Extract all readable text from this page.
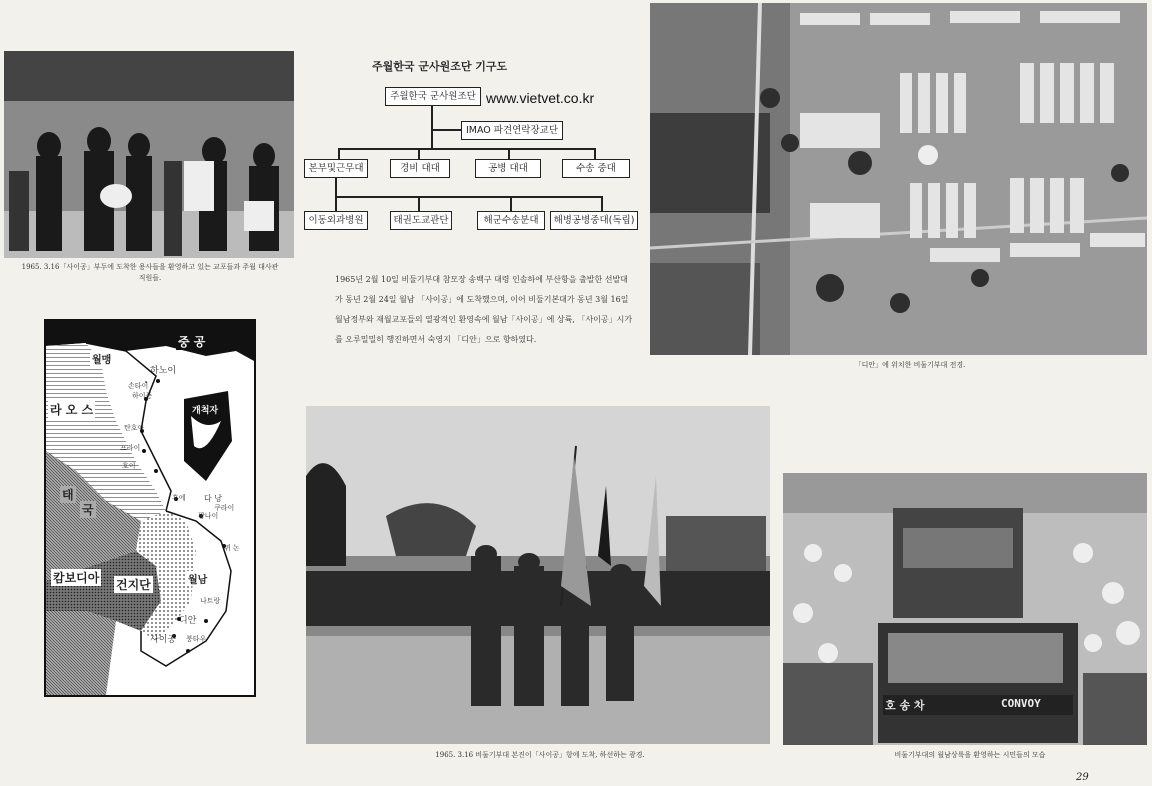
1965. 3.16「사이공」부두에 도착한 용사들을 환영하고 있는 교포들과 주월 대사관 직원들.
주월한국 군사원조단 기구도
주월한국 군사원조단 www.vietvet.co.kr
IMAO 파견연락장교단
본부및근무대	경비 대대	공병 대대	수송 중대
이동외과병원	태권도교관단	해군수송분대	해병공병중대(독립)
1965년 2월 10일 비둘기부대 참모장 송백구 대령 인솔하에 부산항을 출발한 선발대가 동년 2월 24일 월남 「사이공」에 도착했으며, 이어 비둘기본대가 동년 3월 16일 월남정부와 재월교포들의 열광적인 환영속에 월남「사이공」에 상륙, 「사이공」시가를 오루밀밀히 행진하면서 숙영지 「디안」으로 향하였다.
「디안」에 위치한 비둘기부대 전경.
중 공
월맹
라 오 스
태
국
캄보디아 건지단	월남
개척자
하노이
손타이
하이퐁
탄호아
프라이
후에 다 낭
쿠라이
퀴 논
나트랑
디안
사이공 붕타우
꽝나이
호이
1965. 3.16 비둘기부대 본진이「사이공」항에 도착, 하선하는 광경.
호 송 차	CONVOY
비둘기부대의 월남상륙을 환영하는 시민들의 모습
29
